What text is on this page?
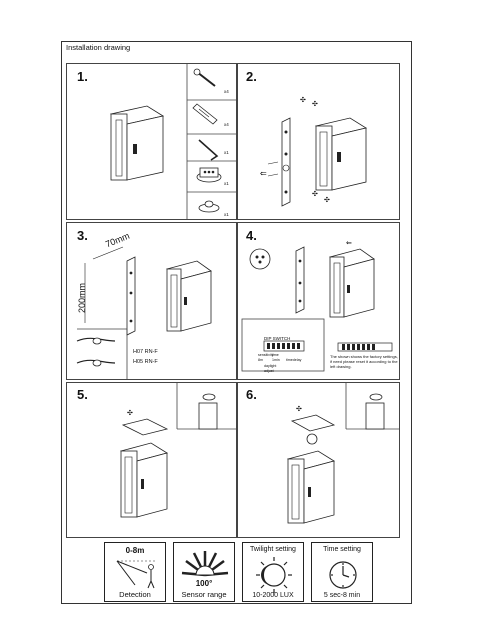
Installation drawing
1.
x4
x4
x1
x1
x1
2.
⇐
✣ ✣
✣
✣
3. 70mm
200mm
H07 RN-F
H05 RN-F
4.	⇐
DIP SWITCH
sensitivity
8m
time
1min
daylight
adjust
timedelay
The shown shows the factory settings, if need please reset it according to the left drawing.
5.
✣
6.
✣
0-8m
Detection
100°
Sensor range
Twilight setting
10-2000 LUX
Time setting
5 sec-8 min
